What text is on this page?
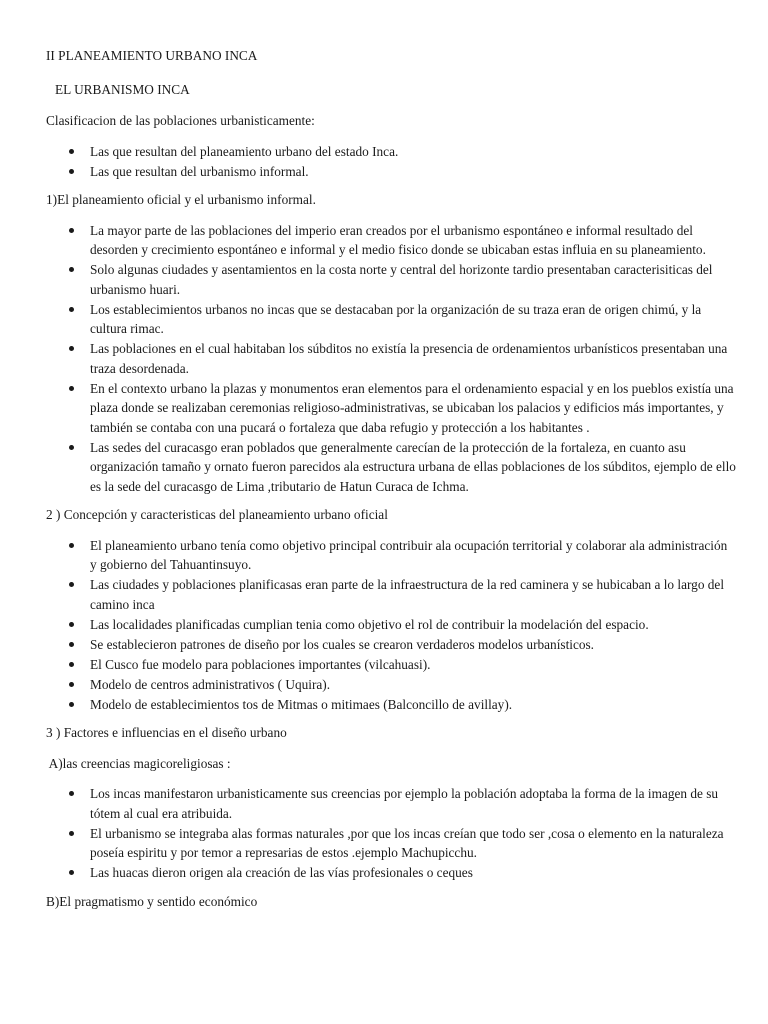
II PLANEAMIENTO URBANO INCA

EL URBANISMO INCA

Clasificacion de las poblaciones urbanisticamente:

Las que resultan del planeamiento urbano del estado Inca.
Las que resultan del urbanismo informal.

1)El planeamiento oficial y el urbanismo informal.

La mayor parte de las poblaciones del imperio eran creados por el urbanismo espontáneo e informal resultado del desorden y crecimiento espontáneo e informal y el medio fisico donde se ubicaban estas influia en su planeamiento.
Solo algunas ciudades y asentamientos en la costa norte y central del horizonte tardio presentaban caracterisiticas del urbanismo huari.
Los establecimientos urbanos no incas que se destacaban por la organización de su traza eran de origen chimú, y la cultura rimac.
Las poblaciones en el cual habitaban los súbditos no existía la presencia de ordenamientos urbanísticos presentaban una traza desordenada.
En el contexto urbano la plazas y monumentos eran elementos para el ordenamiento espacial y en los pueblos existía una plaza donde se realizaban ceremonias religioso-administrativas, se ubicaban los palacios y edificios más importantes, y también se contaba con una pucará o fortaleza que daba refugio y protección a los habitantes .
Las sedes del curacasgo eran poblados que generalmente carecían de la protección de la fortaleza, en cuanto asu organización tamaño y ornato fueron parecidos ala estructura urbana de ellas poblaciones de los súbditos, ejemplo de ello es la sede del curacasgo de Lima ,tributario de Hatun Curaca de Ichma.

2 ) Concepción y caracteristicas del planeamiento urbano oficial

El planeamiento urbano tenía como objetivo principal contribuir ala ocupación territorial y colaborar ala administración y gobierno del Tahuantinsuyo.
Las ciudades y poblaciones planificasas eran parte de la infraestructura de la red caminera y se hubicaban a lo largo del camino inca
Las localidades planificadas cumplian tenia como objetivo el rol de contribuir la modelación del espacio.
Se establecieron patrones de diseño por los cuales se crearon verdaderos modelos urbanísticos.
El Cusco fue modelo para poblaciones importantes (vilcahuasi).
Modelo de centros administrativos ( Uquira).
Modelo de establecimientos tos de Mitmas o mitimaes (Balconcillo de avillay).

3 ) Factores e influencias en el diseño urbano

A)las creencias magicoreligiosas :

Los incas manifestaron urbanisticamente sus creencias por ejemplo la población adoptaba la forma de la imagen de su tótem al cual era atribuida.
El urbanismo se integraba alas formas naturales ,por que los incas creían que todo ser ,cosa o elemento en la naturaleza poseía espiritu y por temor a represarias de estos .ejemplo Machupicchu.
Las huacas dieron origen ala creación de las vías profesionales o ceques

B)El pragmatismo y sentido económico
